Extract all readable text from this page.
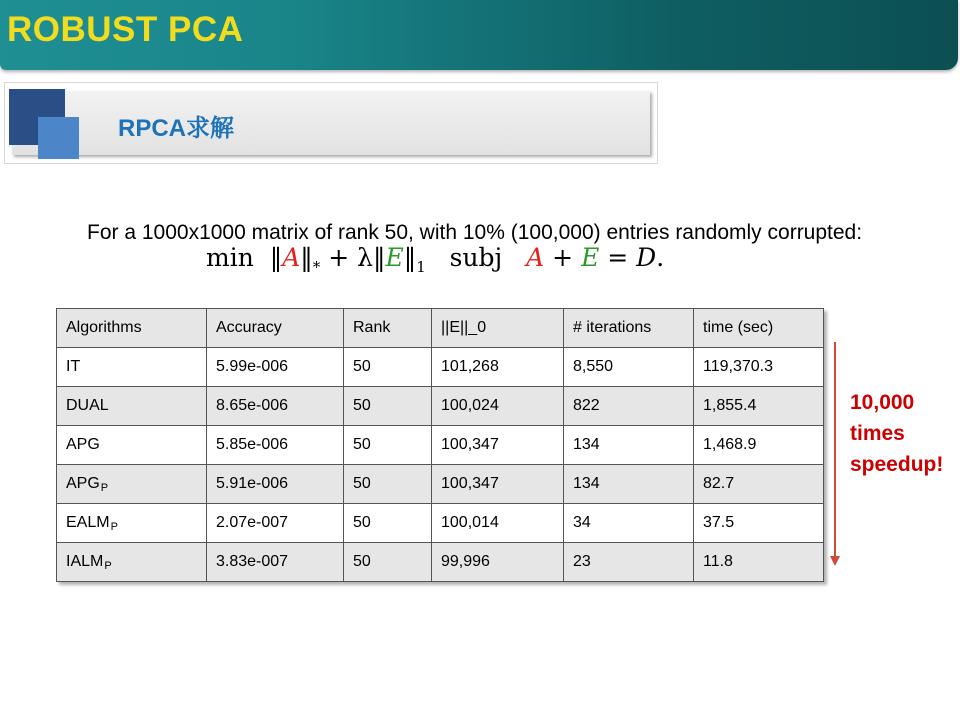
ROBUST PCA
RPCA求解
For a 1000x1000 matrix of rank 50, with 10% (100,000) entries randomly corrupted:
$\min ‖A‖_*$ + $\lambda‖E‖_1$ subj A + E = D.
Algorithms	Accuracy	Rank	||E||_0	# iterations	time (sec)
IT	5.99e-006	50	101,268	8,550	119,370.3
DUAL	8.65e-006	50	100,024	822	1,855.4
APG	5.85e-006	50	100,347	134	1,468.9
APGP	5.91e-006	50	100,347	134	82.7
EALMP	2.07e-007	50	100,014	34	37.5
IALMP	3.83e-007	50	99,996	23	11.8
10,000
times
speedup!
